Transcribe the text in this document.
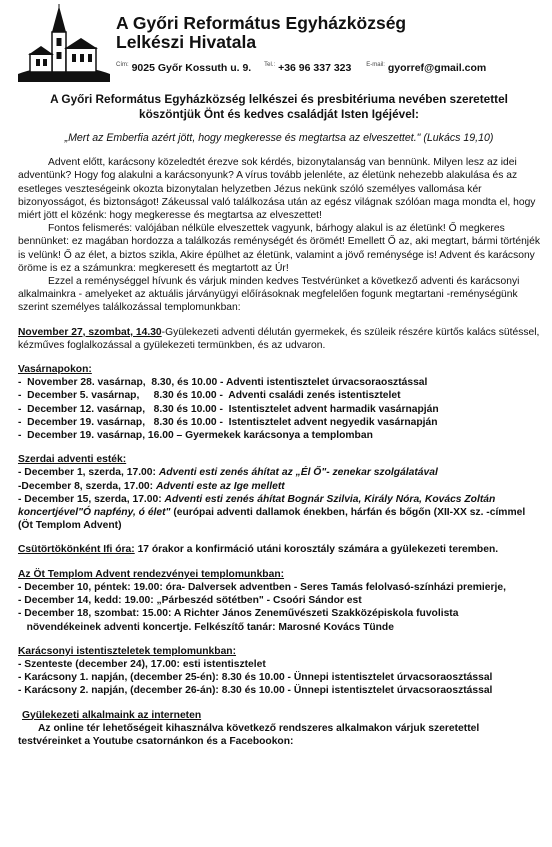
A Győri Református Egyházközség
Lelkészi Hivatala
$^{Cím:}$ 9025 Győr Kossuth u. 9. $^{Tel.:}$ +36 96 337 323 $^{E-mail:}$ gyorref@gmail.com

A Győri Református Egyházközség lelkészei és presbitériuma nevében szeretettel köszöntjük Önt és kedves családját Isten Igéjével:

„Mert az Emberfia azért jött, hogy megkeresse és megtartsa az elveszettet." (Lukács 19,10)

Advent előtt, karácsony közeledtét érezve sok kérdés, bizonytalanság van bennünk. Milyen lesz az idei adventünk? Hogy fog alakulni a karácsonyunk? A vírus tovább jelenléte, az életünk nehezebb alakulása és az esetleges veszteségeink okozta bizonytalan helyzetben Jézus nekünk szóló személyes vallomása kér bizonyosságot, és biztonságot! Zákeussal való találkozása után az egész világnak szólóan maga mondta el, hogy miért jött el közénk: hogy megkeresse és megtartsa az elveszettet!

Fontos felismerés: valójában nélküle elveszettek vagyunk, bárhogy alakul is az életünk! Ő megkeres bennünket: ez magában hordozza a találkozás reménységét és örömét! Emellett Ő az, aki megtart, bármi történjék is velünk! Ő az élet, a biztos szikla, Akire épülhet az életünk, valamint a jövő reménysége is! Advent és karácsony öröme is ez a számunkra: megkeresett és megtartott az Úr!

Ezzel a reménységgel hívunk és várjuk minden kedves Testvérünket a következő adventi és karácsonyi alkalmainkra - amelyeket az aktuális járványügyi előírásoknak megfelelően fogunk megtartani -reménységünk szerint személyes találkozással templomunkban:

November 27, szombat, 14.30-Gyülekezeti adventi délután gyermekek, és szüleik részére kürtős kalács sütéssel, kézműves foglalkozással a gyülekezeti termünkben, és az udvaron.

Vasárnapokon:
-  November 28. vasárnap,  8.30, és 10.00 - Adventi istentisztelet úrvacsoraosztással
-  December 5. vasárnap,     8.30 és 10.00 -  Adventi családi zenés istentisztelet
-  December 12. vasárnap,   8.30 és 10.00 -  Istentisztelet advent harmadik vasárnapján
-  December 19. vasárnap,   8.30 és 10.00 -  Istentisztelet advent negyedik vasárnapján
-  December 19. vasárnap, 16.00 – Gyermekek karácsonya a templomban
Szerdai adventi esték:

- December 1, szerda, 17.00: Adventi esti zenés áhítat az „Él Ő"- zenekar szolgálatával

-December 8, szerda, 17.00: Adventi este az Ige mellett

- December 15, szerda, 17.00: Adventi esti zenés áhítat Bognár Szilvia, Király Nóra, Kovács Zoltán koncertjével"Ó napfény, ó élet" (európai adventi dallamok énekben, hárfán és bőgőn (XII-XX sz. -címmel (Öt Templom Advent)

Csütörtökönként Ifi óra: 17 órakor a konfirmáció utáni korosztály számára a gyülekezeti teremben.

Az Öt Templom Advent rendezvényei templomunkban:
- December 10, péntek: 19.00: óra- Dalversek adventben - Seres Tamás felolvasó-színházi premierje,
- December 14, kedd: 19.00: „Párbeszéd sötétben" - Csoóri Sándor est
- December 18, szombat: 15.00: A Richter János Zeneművészeti Szakközépiskola fuvolista
növendékeinek adventi koncertje. Felkészítő tanár: Marosné Kovács Tünde
Karácsonyi istentiszteletek templomunkban:
- Szenteste (december 24), 17.00: esti istentisztelet
- Karácsony 1. napján, (december 25-én): 8.30 és 10.00 - Ünnepi istentisztelet úrvacsoraosztással
- Karácsony 2. napján, (december 26-án): 8.30 és 10.00 - Ünnepi istentisztelet úrvacsoraosztással
Gyülekezeti alkalmaink az interneten

Az online tér lehetőségeit kihasználva következő rendszeres alkalmakon várjuk szeretettel testvéreinket a Youtube csatornánkon és a Facebookon:
